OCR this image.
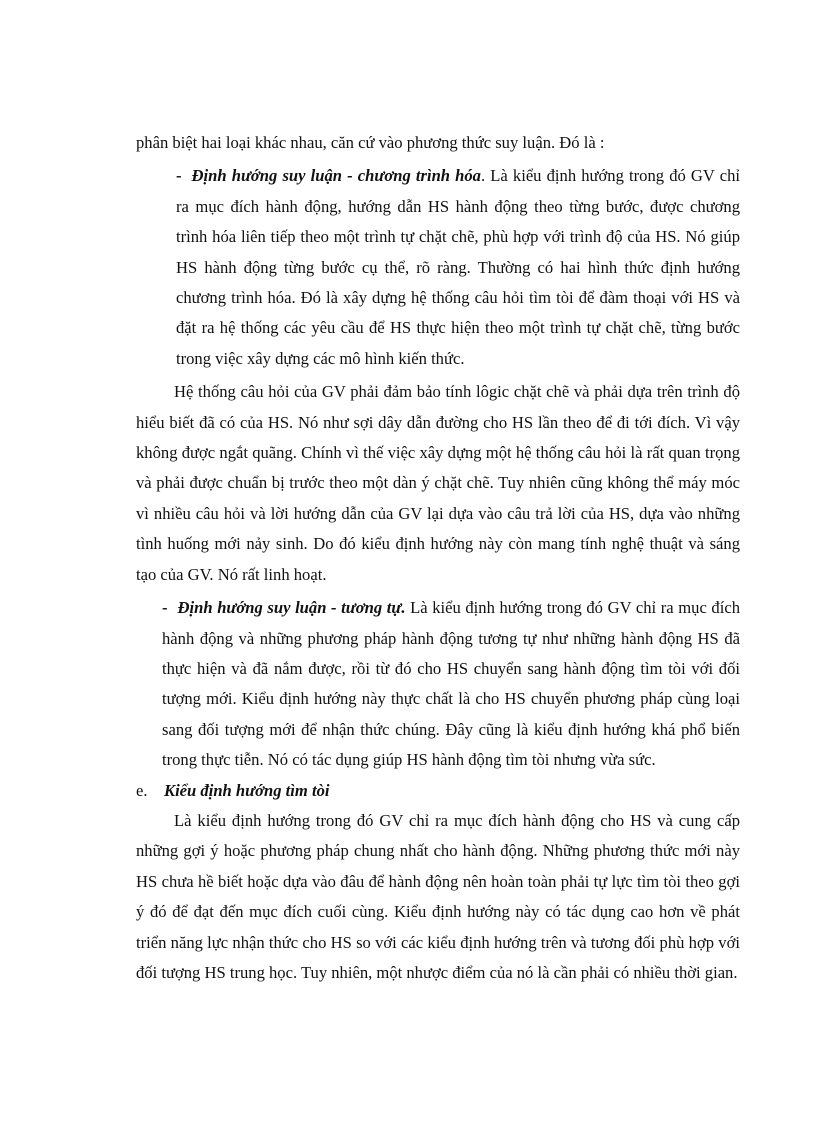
phân biệt hai loại khác nhau, căn cứ vào phương thức suy luận. Đó là :

- Định hướng suy luận - chương trình hóa. Là kiểu định hướng trong đó GV chỉ ra mục đích hành động, hướng dẫn HS hành động theo từng bước, được chương trình hóa liên tiếp theo một trình tự chặt chẽ, phù hợp với trình độ của HS. Nó giúp HS hành động từng bước cụ thể, rõ ràng. Thường có hai hình thức định hướng chương trình hóa. Đó là xây dựng hệ thống câu hỏi tìm tòi để đàm thoại với HS và đặt ra hệ thống các yêu cầu để HS thực hiện theo một trình tự chặt chẽ, từng bước trong việc xây dựng các mô hình kiến thức.

Hệ thống câu hỏi của GV phải đảm bảo tính lôgic chặt chẽ và phải dựa trên trình độ hiểu biết đã có của HS. Nó như sợi dây dẫn đường cho HS lần theo để đi tới đích. Vì vậy không được ngắt quãng. Chính vì thế việc xây dựng một hệ thống câu hỏi là rất quan trọng và phải được chuẩn bị trước theo một dàn ý chặt chẽ. Tuy nhiên cũng không thể máy móc vì nhiều câu hỏi và lời hướng dẫn của GV lại dựa vào câu trả lời của HS, dựa vào những tình huống mới nảy sinh. Do đó kiểu định hướng này còn mang tính nghệ thuật và sáng tạo của GV. Nó rất linh hoạt.

- Định hướng suy luận - tương tự. Là kiểu định hướng trong đó GV chỉ ra mục đích hành động và những phương pháp hành động tương tự như những hành động HS đã thực hiện và đã nắm được, rồi từ đó cho HS chuyển sang hành động tìm tòi với đối tượng mới. Kiểu định hướng này thực chất là cho HS chuyển phương pháp cùng loại sang đối tượng mới để nhận thức chúng. Đây cũng là kiểu định hướng khá phổ biến trong thực tiễn. Nó có tác dụng giúp HS hành động tìm tòi nhưng vừa sức.

e. Kiểu định hướng tìm tòi

Là kiểu định hướng trong đó GV chỉ ra mục đích hành động cho HS và cung cấp những gợi ý hoặc phương pháp chung nhất cho hành động. Những phương thức mới này HS chưa hề biết hoặc dựa vào đâu để hành động nên hoàn toàn phải tự lực tìm tòi theo gợi ý đó để đạt đến mục đích cuối cùng. Kiểu định hướng này có tác dụng cao hơn về phát triển năng lực nhận thức cho HS so với các kiểu định hướng trên và tương đối phù hợp với đối tượng HS trung học. Tuy nhiên, một nhược điểm của nó là cần phải có nhiều thời gian.
